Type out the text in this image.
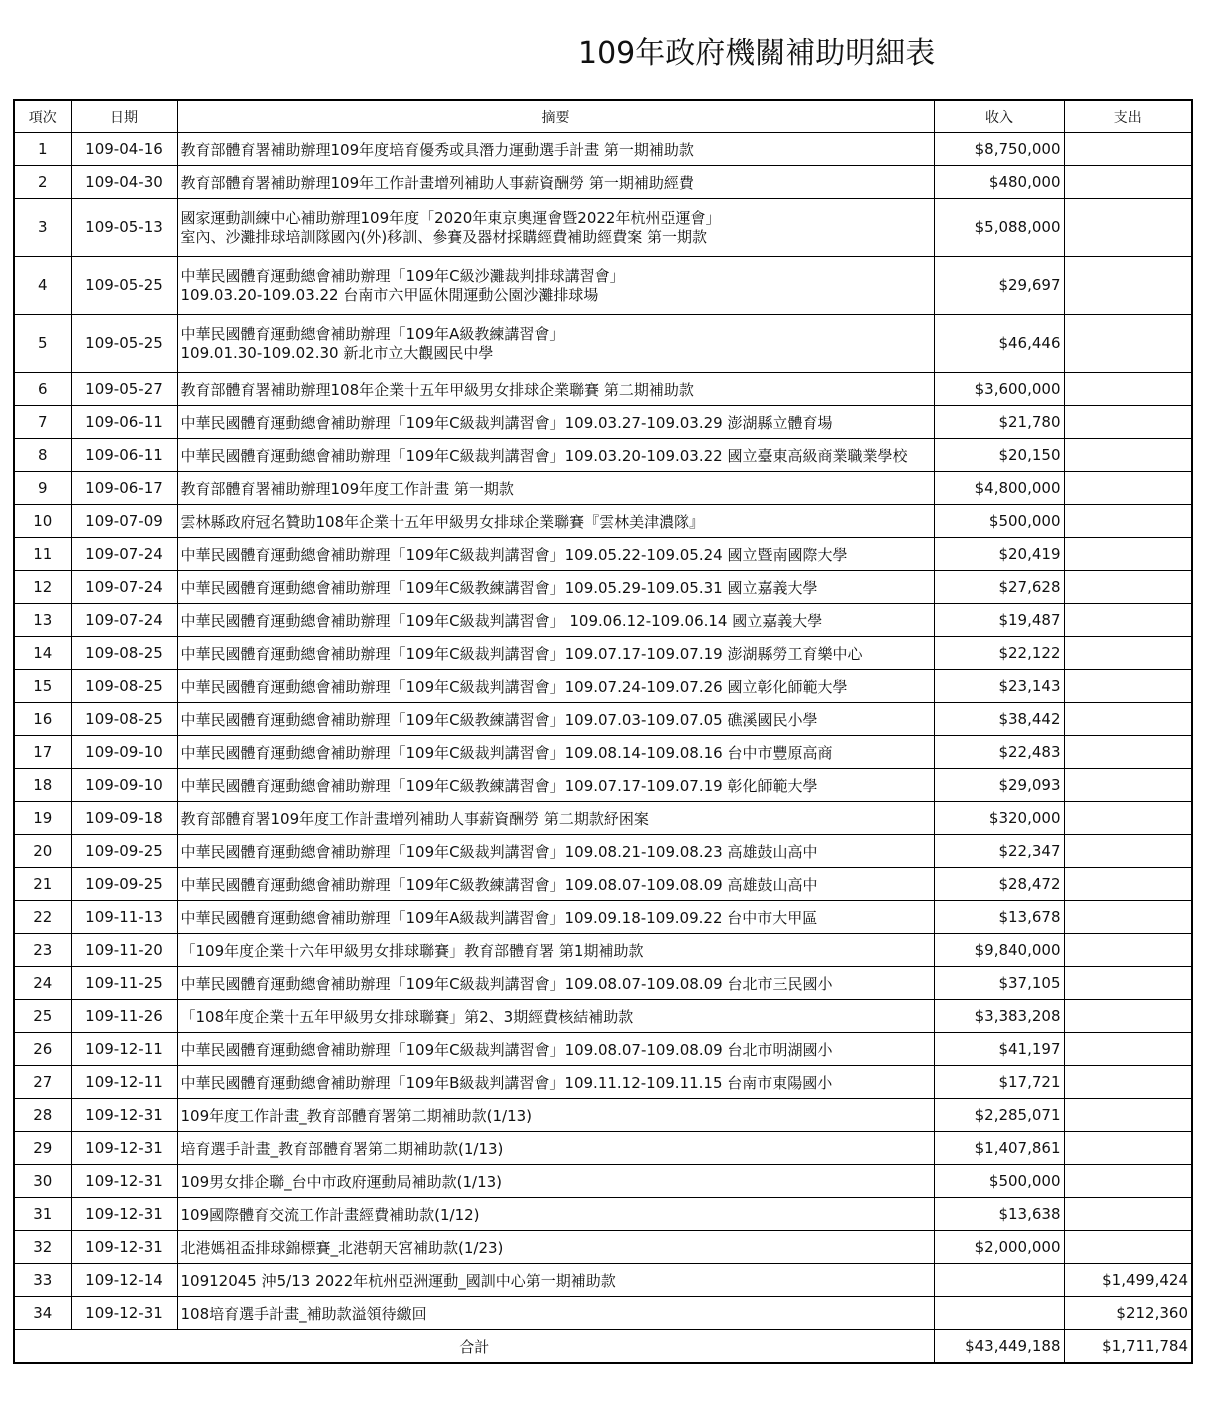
109年政府機關補助明細表
項次	日期	摘要	收入	支出
1	109-04-16	教育部體育署補助辦理109年度培育優秀或具潛力運動選手計畫 第一期補助款	$8,750,000	
2	109-04-30	教育部體育署補助辦理109年工作計畫增列補助人事薪資酬勞 第一期補助經費	$480,000	
3	109-05-13	國家運動訓練中心補助辦理109年度「2020年東京奧運會暨2022年杭州亞運會」
室內、沙灘排球培訓隊國內(外)移訓、參賽及器材採購經費補助經費案 第一期款	$5,088,000	
4	109-05-25	中華民國體育運動總會補助辦理「109年C級沙灘裁判排球講習會」
109.03.20-109.03.22 台南市六甲區休閒運動公園沙灘排球場	$29,697	
5	109-05-25	中華民國體育運動總會補助辦理「109年A級教練講習會」
109.01.30-109.02.30 新北市立大觀國民中學	$46,446	
6	109-05-27	教育部體育署補助辦理108年企業十五年甲級男女排球企業聯賽 第二期補助款	$3,600,000	
7	109-06-11	中華民國體育運動總會補助辦理「109年C級裁判講習會」109.03.27-109.03.29 澎湖縣立體育場	$21,780	
8	109-06-11	中華民國體育運動總會補助辦理「109年C級裁判講習會」109.03.20-109.03.22 國立臺東高級商業職業學校	$20,150	
9	109-06-17	教育部體育署補助辦理109年度工作計畫 第一期款	$4,800,000	
10	109-07-09	雲林縣政府冠名贊助108年企業十五年甲級男女排球企業聯賽『雲林美津濃隊』	$500,000	
11	109-07-24	中華民國體育運動總會補助辦理「109年C級裁判講習會」109.05.22-109.05.24 國立暨南國際大學	$20,419	
12	109-07-24	中華民國體育運動總會補助辦理「109年C級教練講習會」109.05.29-109.05.31 國立嘉義大學	$27,628	
13	109-07-24	中華民國體育運動總會補助辦理「109年C級裁判講習會」 109.06.12-109.06.14 國立嘉義大學	$19,487	
14	109-08-25	中華民國體育運動總會補助辦理「109年C級裁判講習會」109.07.17-109.07.19 澎湖縣勞工育樂中心	$22,122	
15	109-08-25	中華民國體育運動總會補助辦理「109年C級裁判講習會」109.07.24-109.07.26 國立彰化師範大學	$23,143	
16	109-08-25	中華民國體育運動總會補助辦理「109年C級教練講習會」109.07.03-109.07.05 礁溪國民小學	$38,442	
17	109-09-10	中華民國體育運動總會補助辦理「109年C級裁判講習會」109.08.14-109.08.16 台中市豐原高商	$22,483	
18	109-09-10	中華民國體育運動總會補助辦理「109年C級教練講習會」109.07.17-109.07.19 彰化師範大學	$29,093	
19	109-09-18	教育部體育署109年度工作計畫增列補助人事薪資酬勞 第二期款紓困案	$320,000	
20	109-09-25	中華民國體育運動總會補助辦理「109年C級裁判講習會」109.08.21-109.08.23 高雄鼓山高中	$22,347	
21	109-09-25	中華民國體育運動總會補助辦理「109年C級教練講習會」109.08.07-109.08.09 高雄鼓山高中	$28,472	
22	109-11-13	中華民國體育運動總會補助辦理「109年A級裁判講習會」109.09.18-109.09.22 台中市大甲區	$13,678	
23	109-11-20	「109年度企業十六年甲級男女排球聯賽」教育部體育署 第1期補助款	$9,840,000	
24	109-11-25	中華民國體育運動總會補助辦理「109年C級裁判講習會」109.08.07-109.08.09 台北市三民國小	$37,105	
25	109-11-26	「108年度企業十五年甲級男女排球聯賽」第2、3期經費核結補助款	$3,383,208	
26	109-12-11	中華民國體育運動總會補助辦理「109年C級裁判講習會」109.08.07-109.08.09 台北市明湖國小	$41,197	
27	109-12-11	中華民國體育運動總會補助辦理「109年B級裁判講習會」109.11.12-109.11.15 台南市東陽國小	$17,721	
28	109-12-31	109年度工作計畫_教育部體育署第二期補助款(1/13)	$2,285,071	
29	109-12-31	培育選手計畫_教育部體育署第二期補助款(1/13)	$1,407,861	
30	109-12-31	109男女排企聯_台中市政府運動局補助款(1/13)	$500,000	
31	109-12-31	109國際體育交流工作計畫經費補助款(1/12)	$13,638	
32	109-12-31	北港媽祖盃排球錦標賽_北港朝天宮補助款(1/23)	$2,000,000	
33	109-12-14	10912045 沖5/13 2022年杭州亞洲運動_國訓中心第一期補助款		$1,499,424
34	109-12-31	108培育選手計畫_補助款溢領待繳回		$212,360
合計			$43,449,188	$1,711,784
